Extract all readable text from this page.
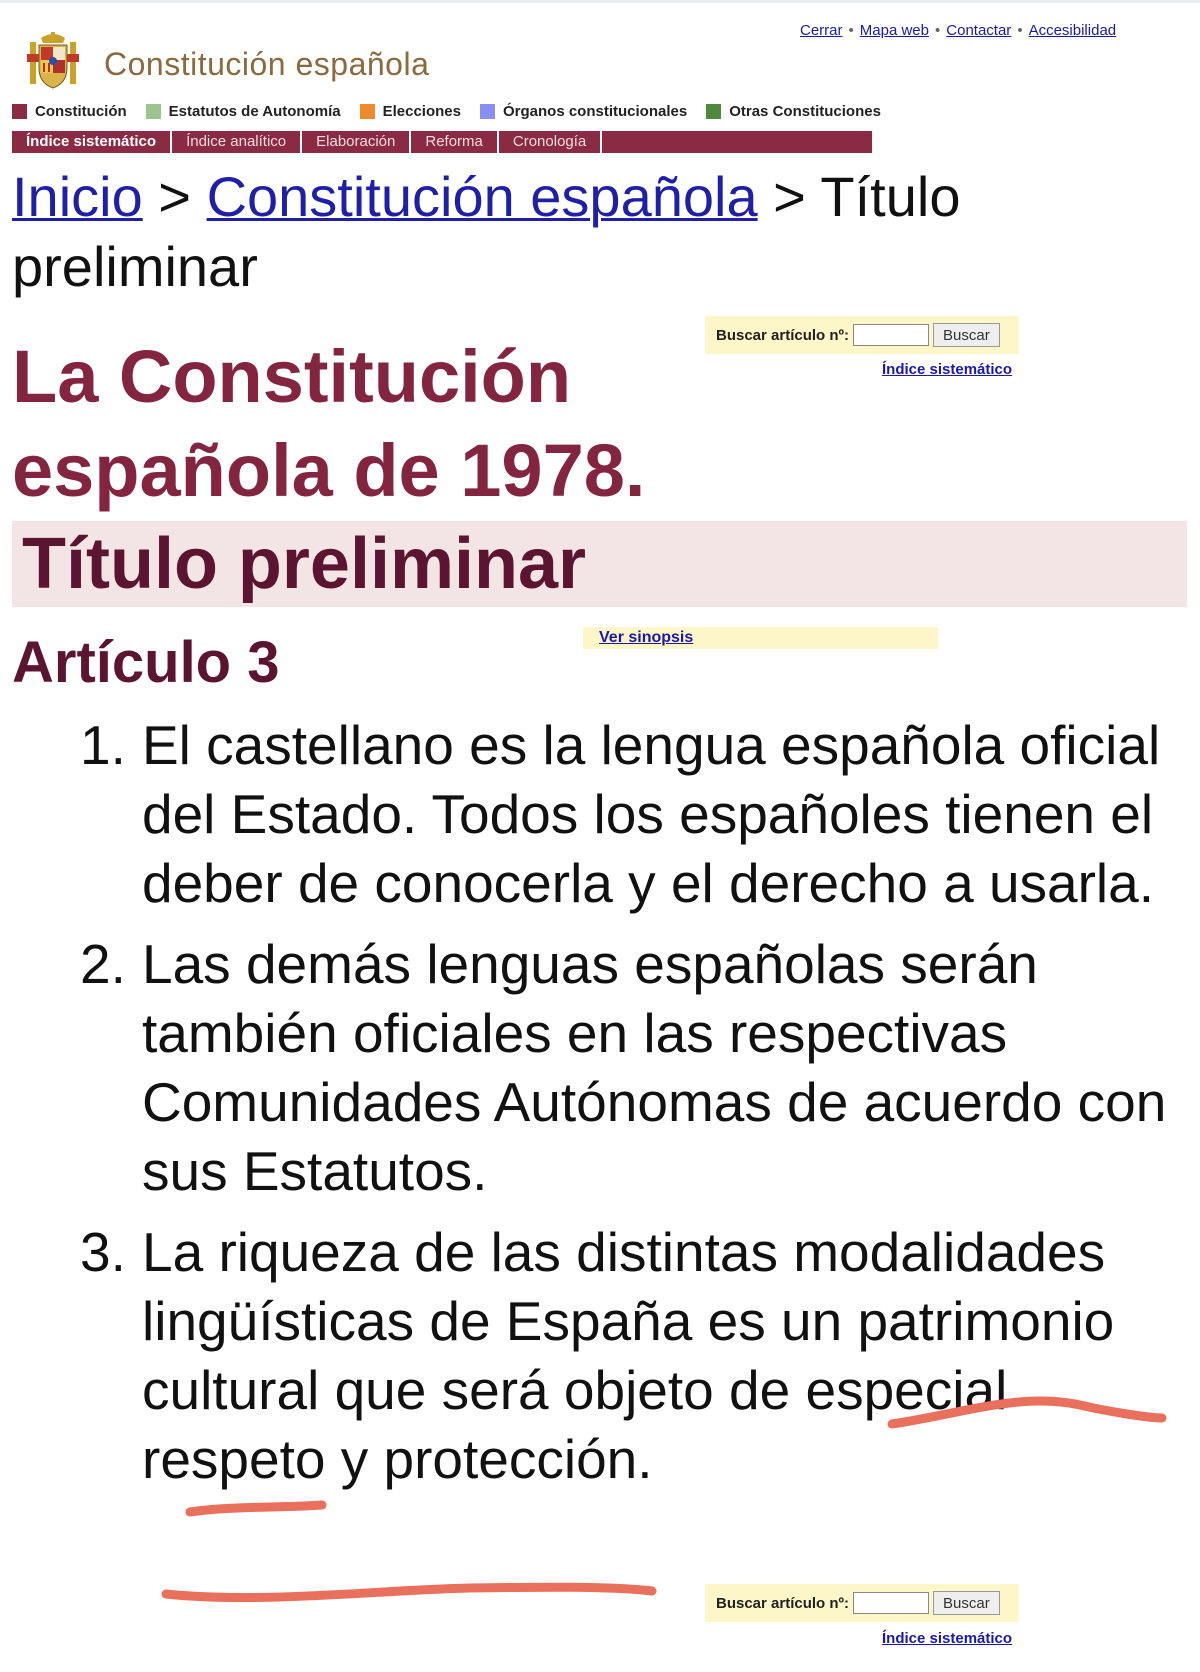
Cerrar • Mapa web • Contactar • Accesibilidad
Constitución española
Constitución	Estatutos de Autonomía	Elecciones	Órganos constitucionales	Otras Constituciones
Índice sistemático	Índice analítico	Elaboración	Reforma	Cronología
Inicio > Constitución española > Título preliminar
Buscar artículo nº:	Buscar
Índice sistemático
La Constitución española de 1978.
Título preliminar
Artículo 3	Ver sinopsis
1. El castellano es la lengua española oficial del Estado. Todos los españoles tienen el deber de conocerla y el derecho a usarla.
2. Las demás lenguas españolas serán también oficiales en las respectivas Comunidades Autónomas de acuerdo con sus Estatutos.
3. La riqueza de las distintas modalidades lingüísticas de España es un patrimonio cultural que será objeto de especial respeto y protección.
Buscar artículo nº:	Buscar
Índice sistemático
